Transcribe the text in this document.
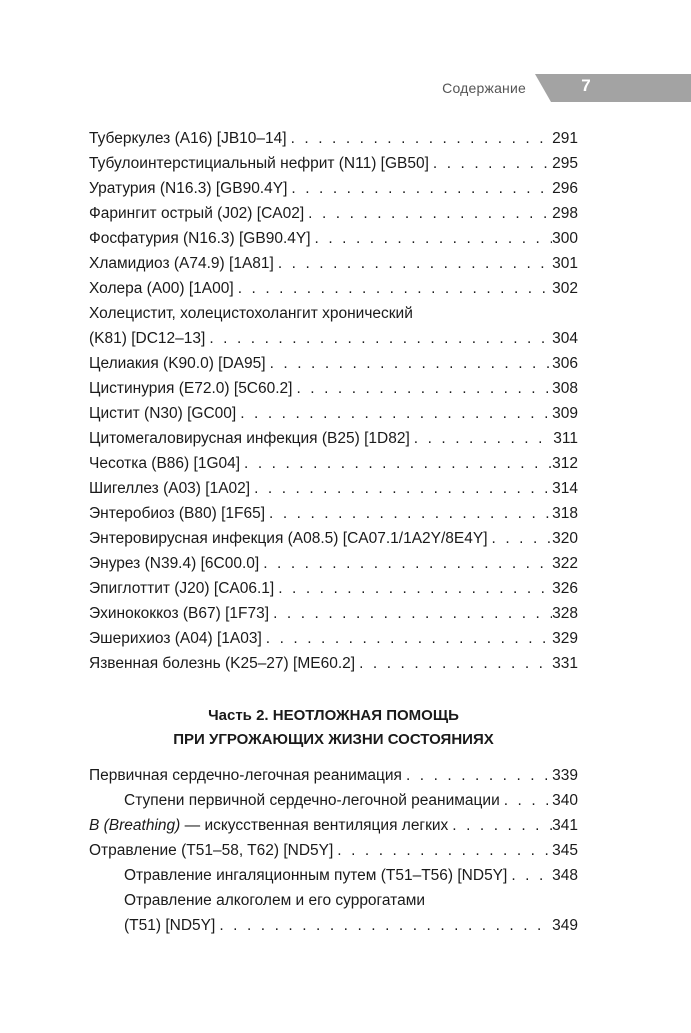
Содержание	7
Туберкулез (A16) [JB10–14] . . .	291
Тубулоинтерстициальный нефрит (N11) [GB50] . . .	295
Уратурия (N16.3) [GB90.4Y] . . .	296
Фарингит острый (J02) [CA02] . . .	298
Фосфатурия (N16.3) [GB90.4Y] . . .	300
Хламидиоз (A74.9) [1A81] . . .	301
Холера (A00) [1A00] . . .	302
Холецистит, холецистохолангит хронический
(K81) [DC12–13] . . .	304
Целиакия (K90.0) [DA95] . . .	306
Цистинурия (E72.0) [5C60.2] . . .	308
Цистит (N30) [GC00] . . .	309
Цитомегаловирусная инфекция (B25) [1D82] . . .	311
Чесотка (B86) [1G04] . . .	312
Шигеллез (A03) [1A02] . . .	314
Энтеробиоз (B80) [1F65] . . .	318
Энтеровирусная инфекция (A08.5) [CA07.1/1A2Y/8E4Y] . . .	320
Энурез (N39.4) [6C00.0] . . .	322
Эпиглоттит (J20) [CA06.1] . . .	326
Эхинококкоз (B67) [1F73] . . .	328
Эшерихиоз (A04) [1A03] . . .	329
Язвенная болезнь (K25–27) [ME60.2] . . .	331
Часть 2. НЕОТЛОЖНАЯ ПОМОЩЬ
ПРИ УГРОЖАЮЩИХ ЖИЗНИ СОСТОЯНИЯХ
Первичная сердечно-легочная реанимация . . .	339
Ступени первичной сердечно-легочной реанимации . . .	340
B (Breathing) — искусственная вентиляция легких . . .	341
Отравление (T51–58, T62) [ND5Y] . . .	345
Отравление ингаляционным путем (T51–T56) [ND5Y] . . .	348
Отравление алкоголем и его суррогатами
(T51) [ND5Y] . . .	349
